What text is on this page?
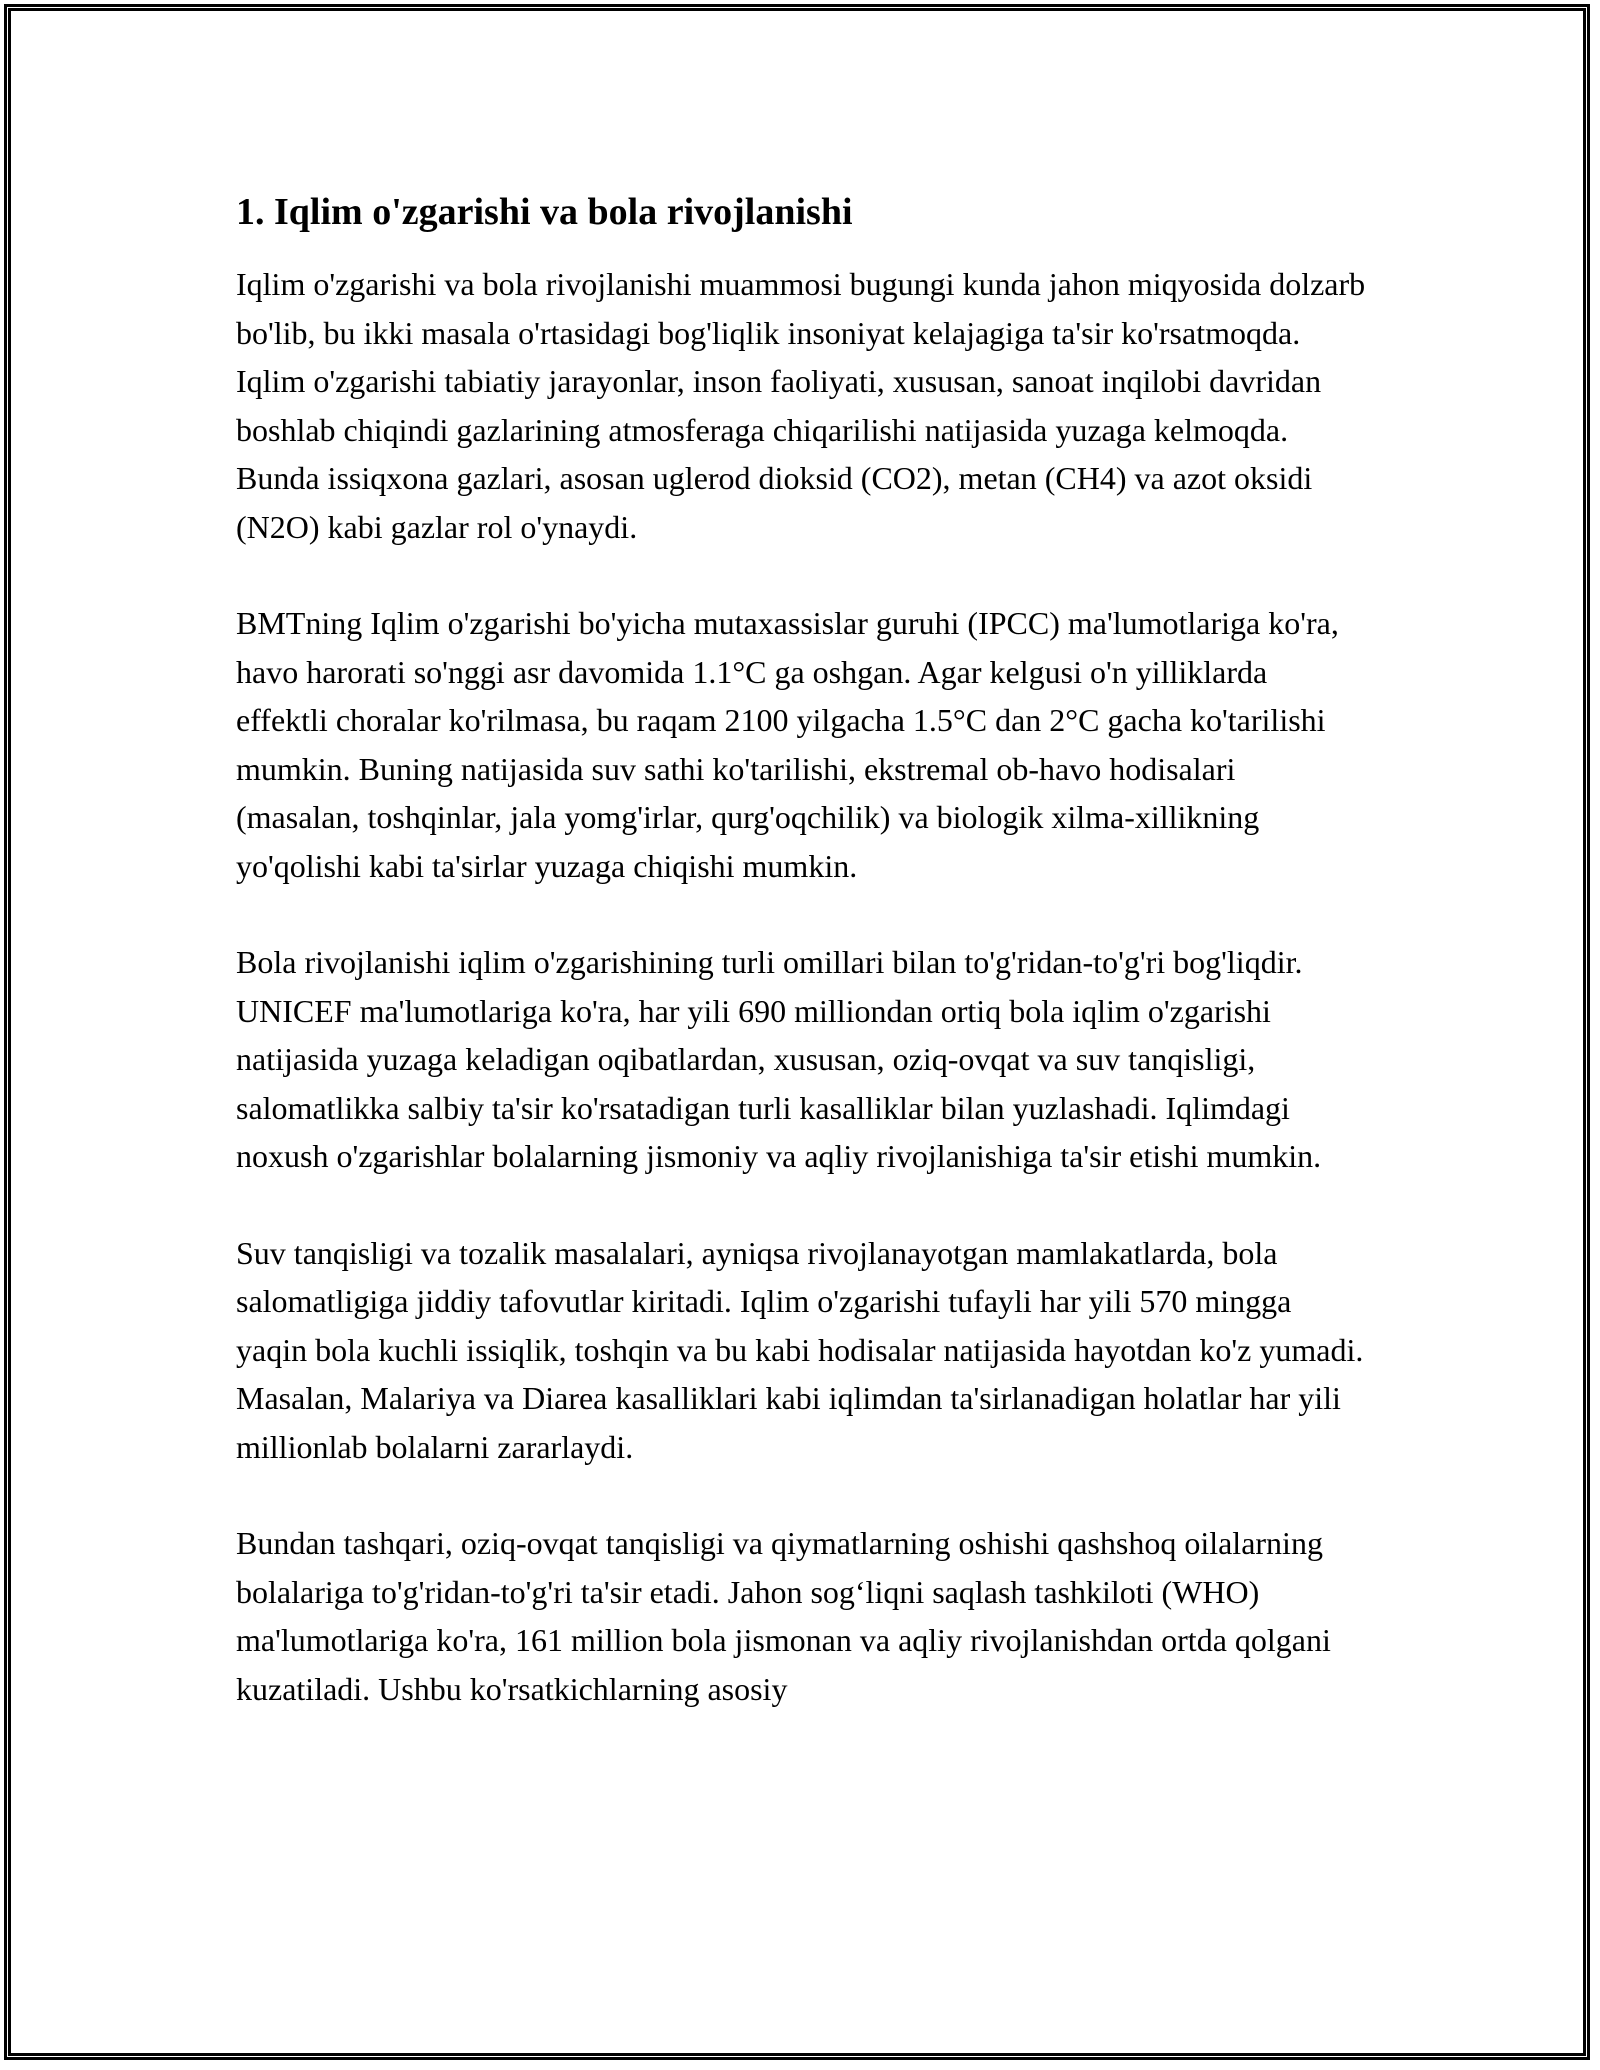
1. Iqlim o'zgarishi va bola rivojlanishi

Iqlim o'zgarishi va bola rivojlanishi muammosi bugungi kunda jahon miqyosida dolzarb bo'lib, bu ikki masala o'rtasidagi bog'liqlik insoniyat kelajagiga ta'sir ko'rsatmoqda. Iqlim o'zgarishi tabiatiy jarayonlar, inson faoliyati, xususan, sanoat inqilobi davridan boshlab chiqindi gazlarining atmosferaga chiqarilishi natijasida yuzaga kelmoqda. Bunda issiqxona gazlari, asosan uglerod dioksid (CO2), metan (CH4) va azot oksidi (N2O) kabi gazlar rol o'ynaydi.

BMTning Iqlim o'zgarishi bo'yicha mutaxassislar guruhi (IPCC) ma'lumotlariga ko'ra, havo harorati so'nggi asr davomida 1.1°C ga oshgan. Agar kelgusi o'n yilliklarda effektli choralar ko'rilmasa, bu raqam 2100 yilgacha 1.5°C dan 2°C gacha ko'tarilishi mumkin. Buning natijasida suv sathi ko'tarilishi, ekstremal ob-havo hodisalari (masalan, toshqinlar, jala yomg'irlar, qurg'oqchilik) va biologik xilma-xillikning yo'qolishi kabi ta'sirlar yuzaga chiqishi mumkin.

Bola rivojlanishi iqlim o'zgarishining turli omillari bilan to'g'ridan-to'g'ri bog'liqdir. UNICEF ma'lumotlariga ko'ra, har yili 690 milliondan ortiq bola iqlim o'zgarishi natijasida yuzaga keladigan oqibatlardan, xususan, oziq-ovqat va suv tanqisligi, salomatlikka salbiy ta'sir ko'rsatadigan turli kasalliklar bilan yuzlashadi. Iqlimdagi noxush o'zgarishlar bolalarning jismoniy va aqliy rivojlanishiga ta'sir etishi mumkin.

Suv tanqisligi va tozalik masalalari, ayniqsa rivojlanayotgan mamlakatlarda, bola salomatligiga jiddiy tafovutlar kiritadi. Iqlim o'zgarishi tufayli har yili 570 mingga yaqin bola kuchli issiqlik, toshqin va bu kabi hodisalar natijasida hayotdan ko'z yumadi. Masalan, Malariya va Diarea kasalliklari kabi iqlimdan ta'sirlanadigan holatlar har yili millionlab bolalarni zararlaydi.

Bundan tashqari, oziq-ovqat tanqisligi va qiymatlarning oshishi qashshoq oilalarning bolalariga to'g'ridan-to'g'ri ta'sir etadi. Jahon sog‘liqni saqlash tashkiloti (WHO) ma'lumotlariga ko'ra, 161 million bola jismonan va aqliy rivojlanishdan ortda qolgani kuzatiladi. Ushbu ko'rsatkichlarning asosiy
